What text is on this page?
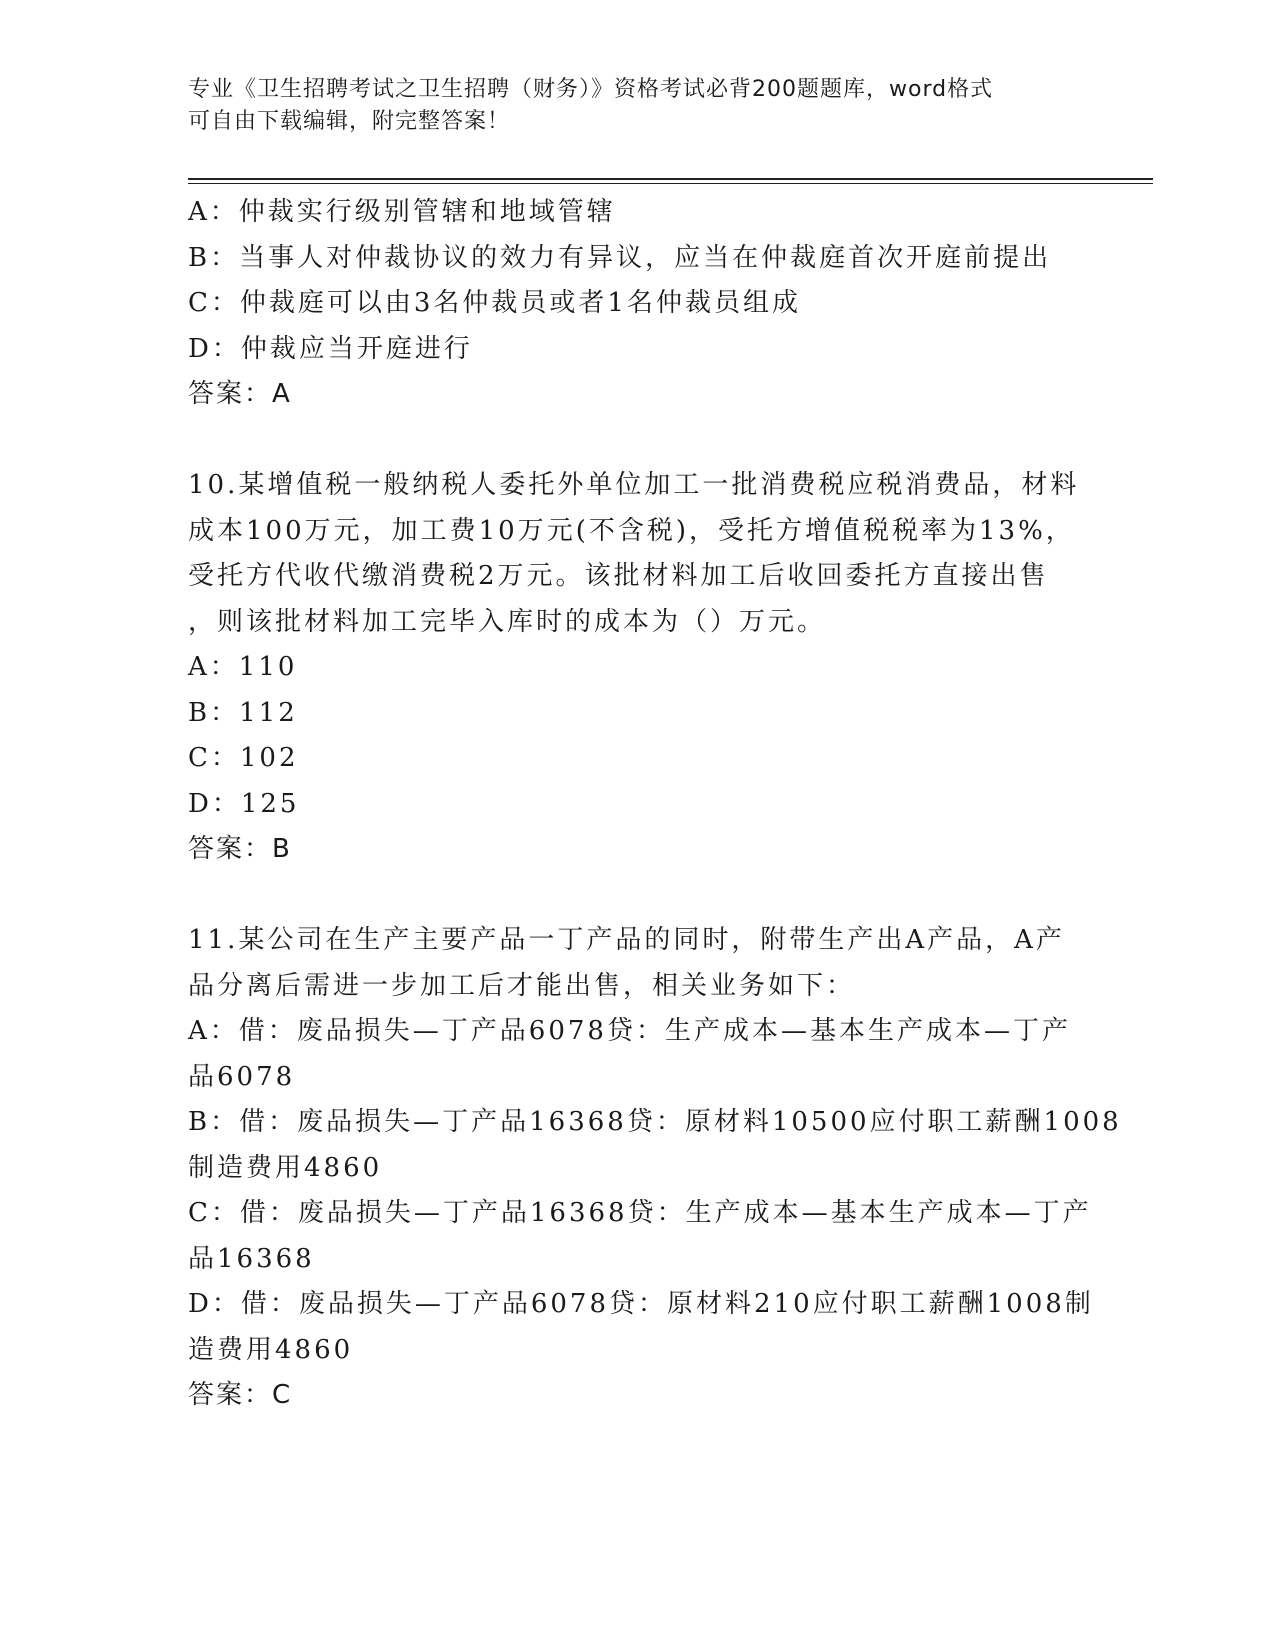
专业《卫生招聘考试之卫生招聘（财务）》资格考试必背200题题库，word格式
可自由下载编辑，附完整答案！
A：仲裁实行级别管辖和地域管辖
B：当事人对仲裁协议的效力有异议，应当在仲裁庭首次开庭前提出
C：仲裁庭可以由3名仲裁员或者1名仲裁员组成
D：仲裁应当开庭进行
答案：A
10.某增值税一般纳税人委托外单位加工一批消费税应税消费品，材料
成本100万元，加工费10万元(不含税)，受托方增值税税率为13%，
受托方代收代缴消费税2万元。该批材料加工后收回委托方直接出售
，则该批材料加工完毕入库时的成本为（）万元。
A：110
B：112
C：102
D：125
答案：B
11.某公司在生产主要产品一丁产品的同时，附带生产出A产品，A产
品分离后需进一步加工后才能出售，相关业务如下：
A：借：废品损失—丁产品6078贷：生产成本—基本生产成本—丁产
品6078
B：借：废品损失—丁产品16368贷：原材料10500应付职工薪酬1008
制造费用4860
C：借：废品损失—丁产品16368贷：生产成本—基本生产成本—丁产
品16368
D：借：废品损失—丁产品6078贷：原材料210应付职工薪酬1008制
造费用4860
答案：C
